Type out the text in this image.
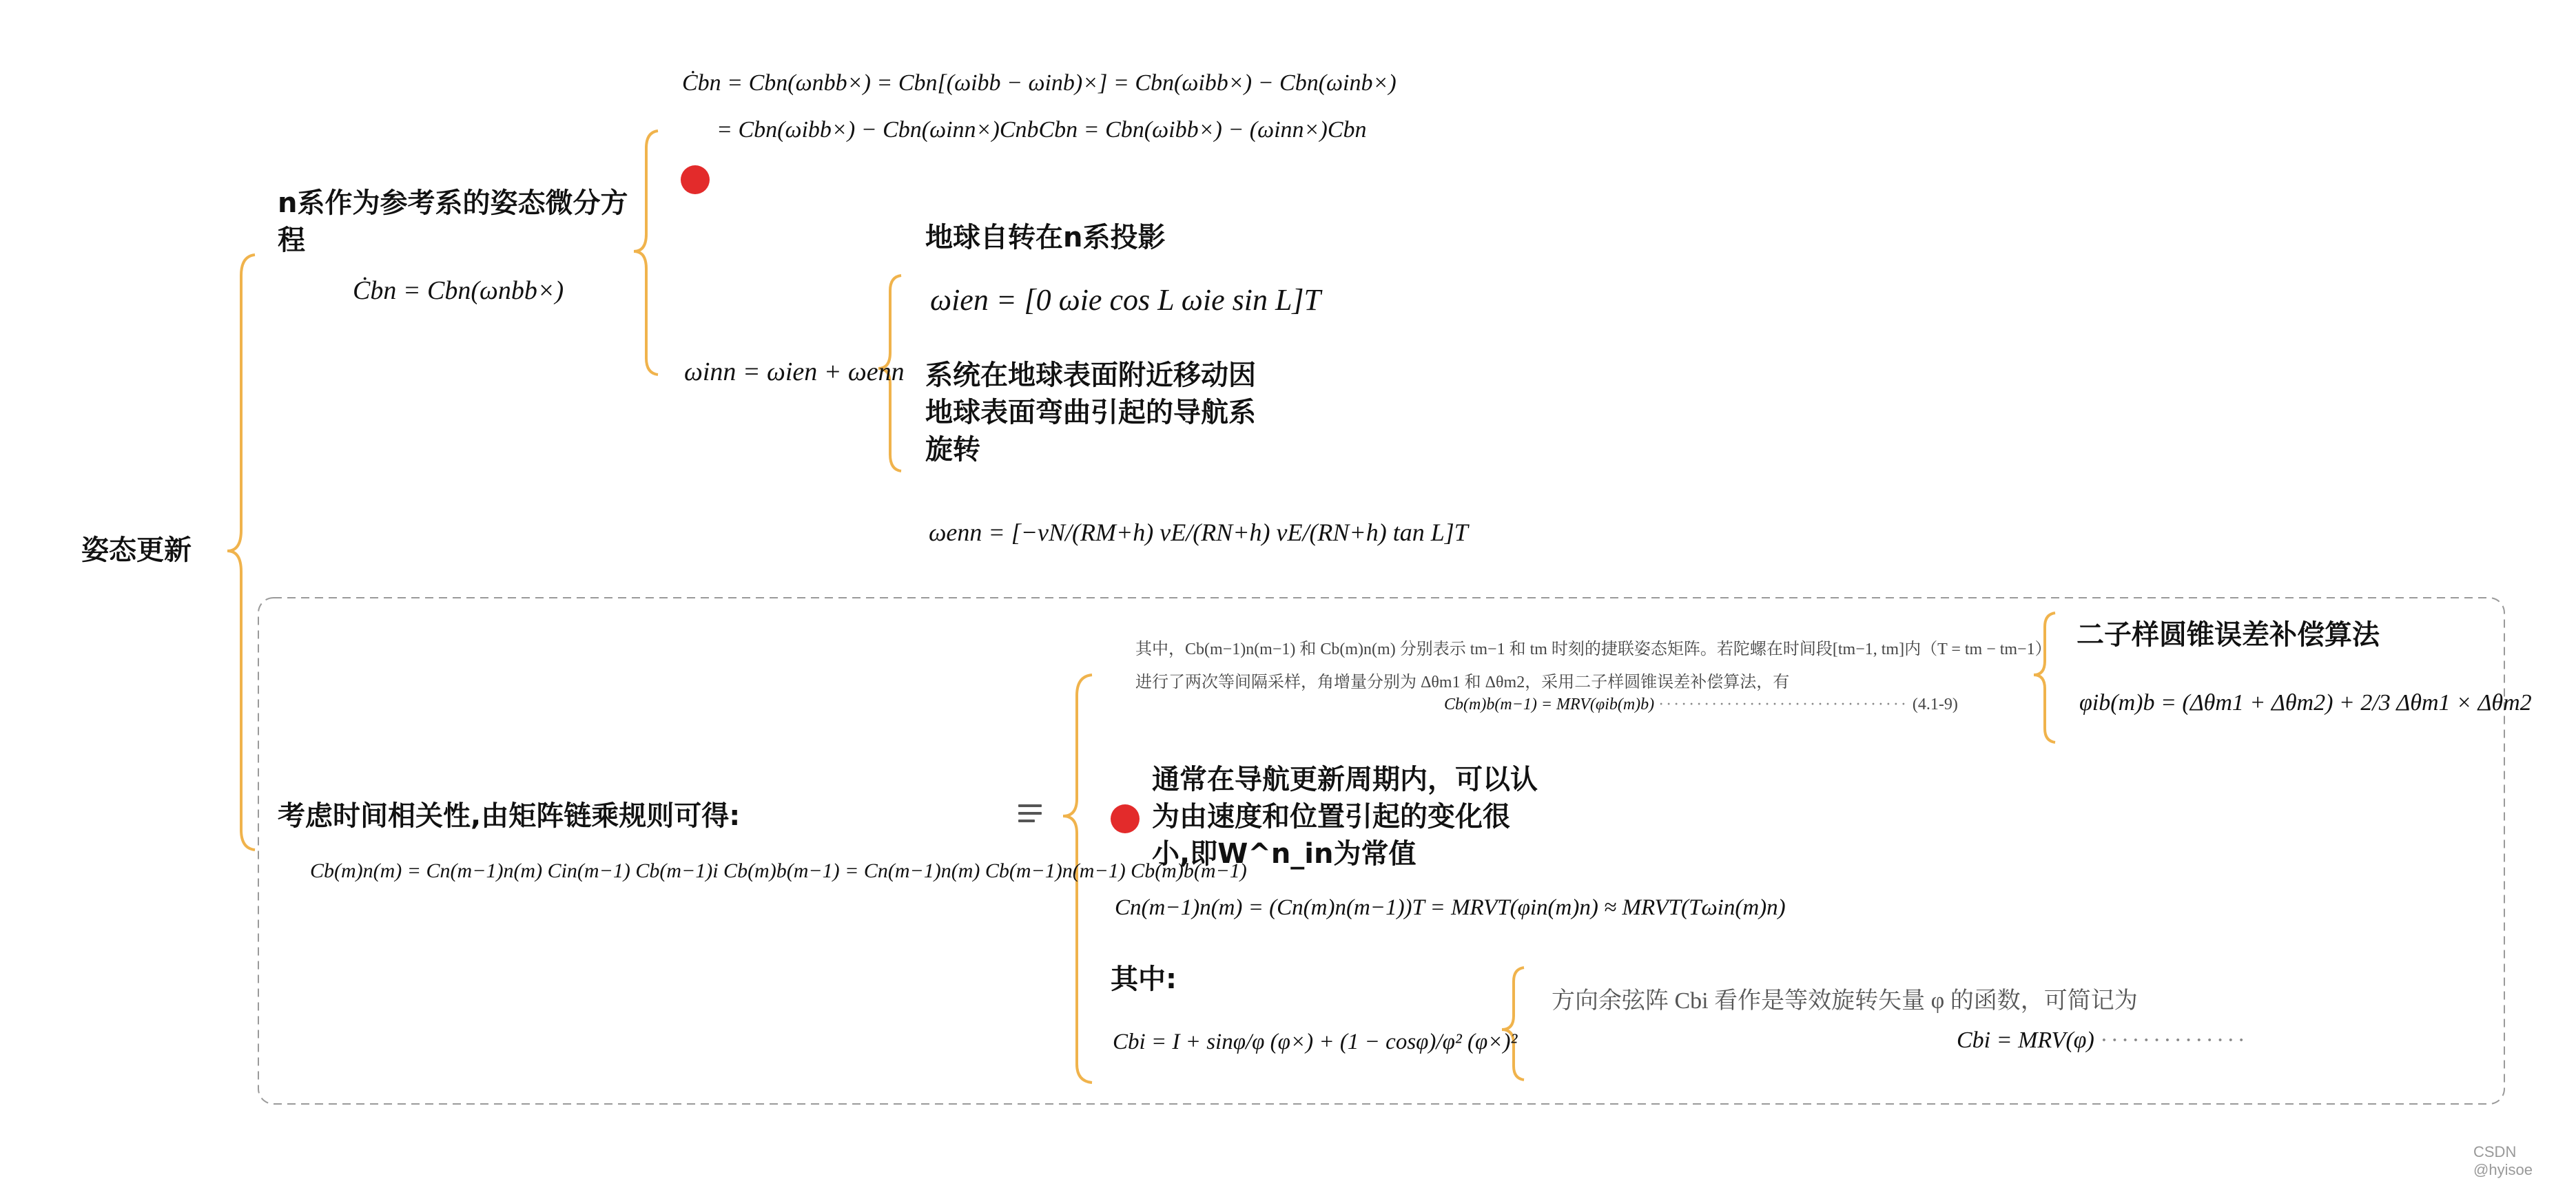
姿态更新
n系作为参考系的姿态微分方程
Ċbn = Cbn(ωnbb×)
Ċbn = Cbn(ωnbb×) = Cbn[(ωibb − ωinb)×] = Cbn(ωibb×) − Cbn(ωinb×)
= Cbn(ωibb×) − Cbn(ωinn×)CnbCbn = Cbn(ωibb×) − (ωinn×)Cbn
ωinn = ωien + ωenn
地球自转在n系投影
ωien = [0 ωie cos L ωie sin L]T
系统在地球表面附近移动因地球表面弯曲引起的导航系旋转
ωenn = [−vN/(RM+h) vE/(RN+h) vE/(RN+h) tan L]T
考虑时间相关性,由矩阵链乘规则可得:
Cb(m)n(m) = Cn(m−1)n(m) Cin(m−1) Cb(m−1)i Cb(m)b(m−1) = Cn(m−1)n(m) Cb(m−1)n(m−1) Cb(m)b(m−1)
其中，Cb(m−1)n(m−1) 和 Cb(m)n(m) 分别表示 tm−1 和 tm 时刻的捷联姿态矩阵。若陀螺在时间段[tm−1, tm]内（T = tm − tm−1）
进行了两次等间隔采样，角增量分别为 Δθm1 和 Δθm2，采用二子样圆锥误差补偿算法，有
Cb(m)b(m−1) = MRV(φib(m)b) ································· (4.1-9)
二子样圆锥误差补偿算法
φib(m)b = (Δθm1 + Δθm2) + 2/3 Δθm1 × Δθm2
通常在导航更新周期内，可以认为由速度和位置引起的变化很小,即W^n_in为常值
Cn(m−1)n(m) = (Cn(m)n(m−1))T = MRVT(φin(m)n) ≈ MRVT(Tωin(m)n)
其中:
Cbi = I + sinφ/φ (φ×) + (1 − cosφ)/φ² (φ×)²
方向余弦阵 Cbi 看作是等效旋转矢量 φ 的函数，可简记为
Cbi = MRV(φ) ··············
CSDN @hyisoe
